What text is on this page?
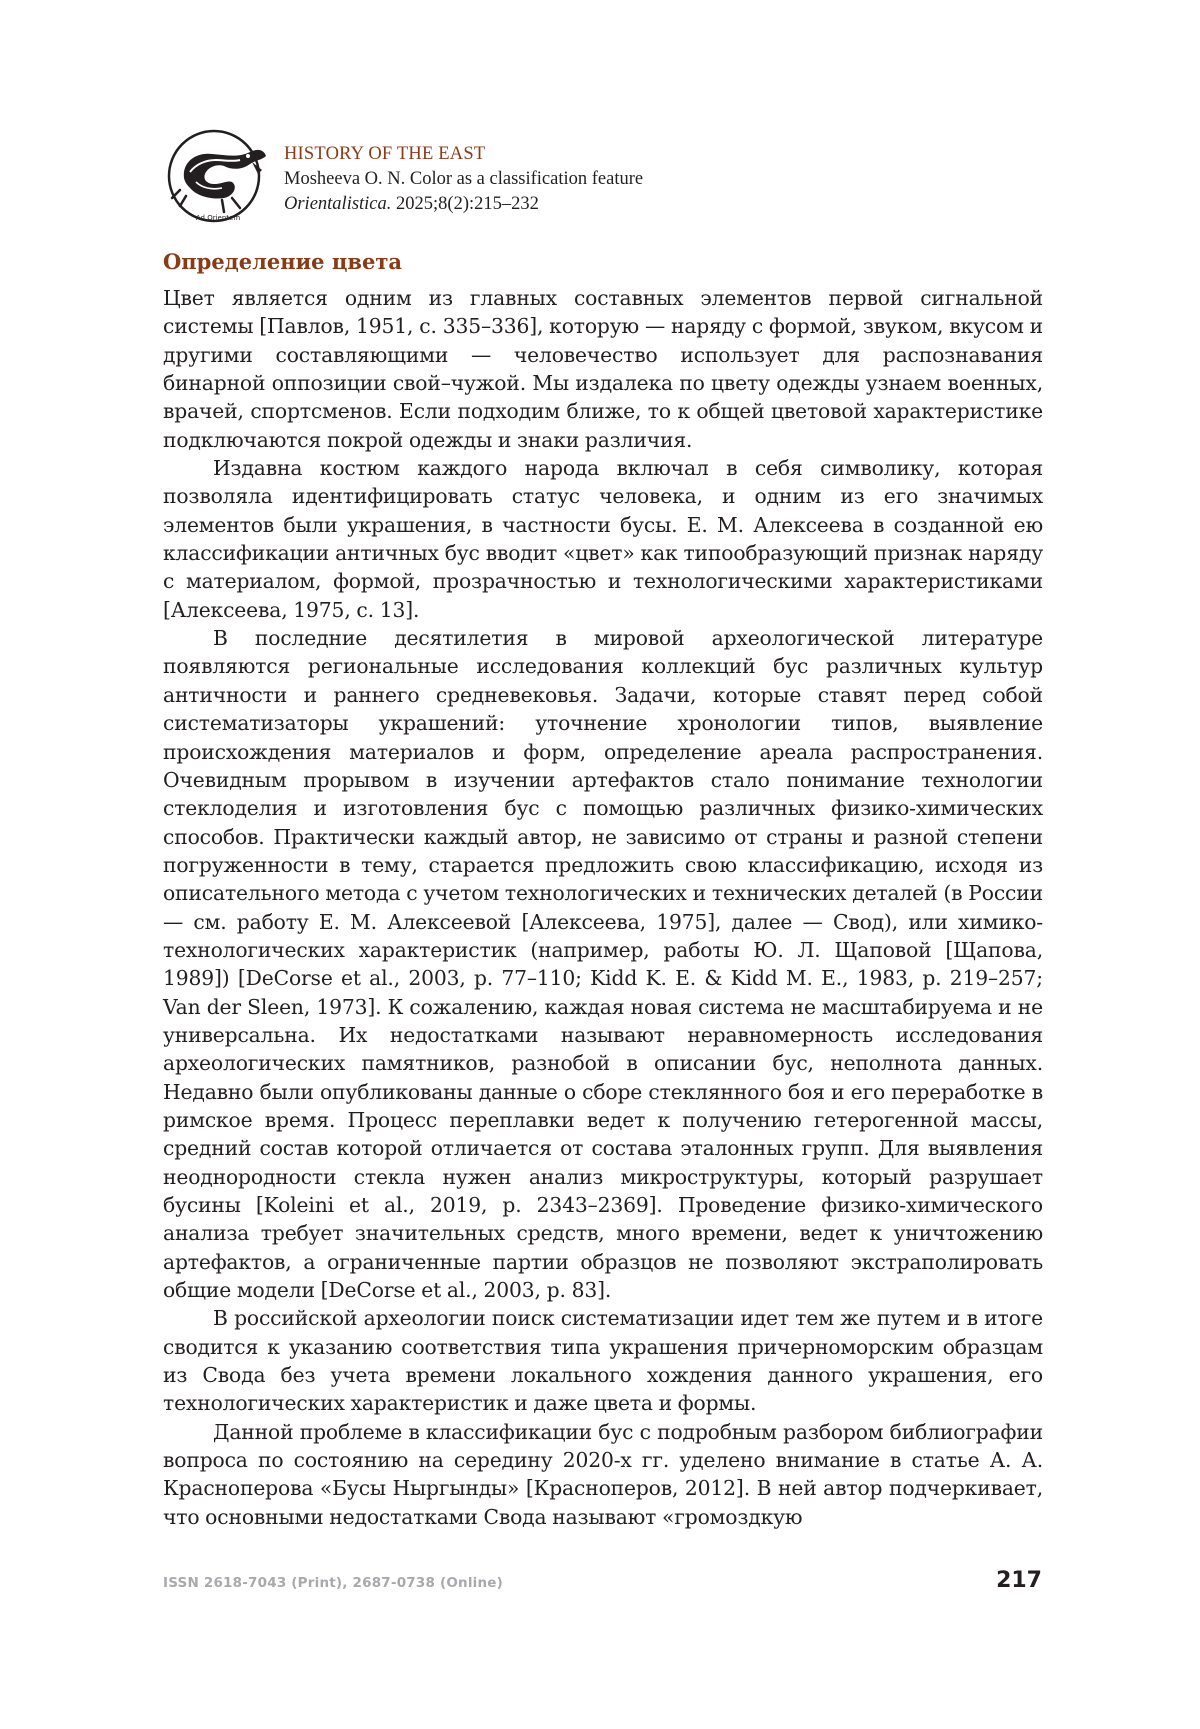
Ad Orientem
HISTORY OF THE EAST
Mosheeva O. N. Color as a classification feature
Orientalistica. 2025;8(2):215–232
Определение цвета

Цвет является одним из главных составных элементов первой сигнальной системы [Павлов, 1951, с. 335–336], которую — наряду с формой, звуком, вкусом и другими составляющими — человечество использует для распознавания бинарной оппозиции свой–чужой. Мы издалека по цвету одежды узнаем военных, врачей, спортсменов. Если подходим ближе, то к общей цветовой характеристике подключаются покрой одежды и знаки различия.

Издавна костюм каждого народа включал в себя символику, которая позволяла идентифицировать статус человека, и одним из его значимых элементов были украшения, в частности бусы. Е. М. Алексеева в созданной ею классификации античных бус вводит «цвет» как типообразующий признак наряду с материалом, формой, прозрачностью и технологическими характеристиками [Алексеева, 1975, с. 13].

В последние десятилетия в мировой археологической литературе появляются региональные исследования коллекций бус различных культур античности и раннего средневековья. Задачи, которые ставят перед собой систематизаторы украшений: уточнение хронологии типов, выявление происхождения материалов и форм, определение ареала распространения. Очевидным прорывом в изучении артефактов стало понимание технологии стеклоделия и изготовления бус с помощью различных физико-химических способов. Практически каждый автор, не зависимо от страны и разной степени погруженности в тему, старается предложить свою классификацию, исходя из описательного метода с учетом технологических и технических деталей (в России — см. работу Е. М. Алексеевой [Алексеева, 1975], далее — Свод), или химико-технологических характеристик (например, работы Ю. Л. Щаповой [Щапова, 1989]) [DeCorse et al., 2003, p. 77–110; Kidd K. E. & Kidd M. E., 1983, p. 219–257; Van der Sleen, 1973]. К сожалению, каждая новая система не масштабируема и не универсальна. Их недостатками называют неравномерность исследования археологических памятников, разнобой в описании бус, неполнота данных. Недавно были опубликованы данные о сборе стеклянного боя и его переработке в римское время. Процесс переплавки ведет к получению гетерогенной массы, средний состав которой отличается от состава эталонных групп. Для выявления неоднородности стекла нужен анализ микроструктуры, который разрушает бусины [Koleini et al., 2019, p. 2343–2369]. Проведение физико-химического анализа требует значительных средств, много времени, ведет к уничтожению артефактов, а ограниченные партии образцов не позволяют экстраполировать общие модели [DeCorse et al., 2003, p. 83].

В российской археологии поиск систематизации идет тем же путем и в итоге сводится к указанию соответствия типа украшения причерноморским образцам из Свода без учета времени локального хождения данного украшения, его технологических характеристик и даже цвета и формы.

Данной проблеме в классификации бус с подробным разбором библиографии вопроса по состоянию на середину 2020-х гг. уделено внимание в статье А. А. Красноперова «Бусы Ныргынды» [Красноперов, 2012]. В ней автор подчеркивает, что основными недостатками Свода называют «громоздкую

ISSN 2618-7043 (Print), 2687-0738 (Online)	217
